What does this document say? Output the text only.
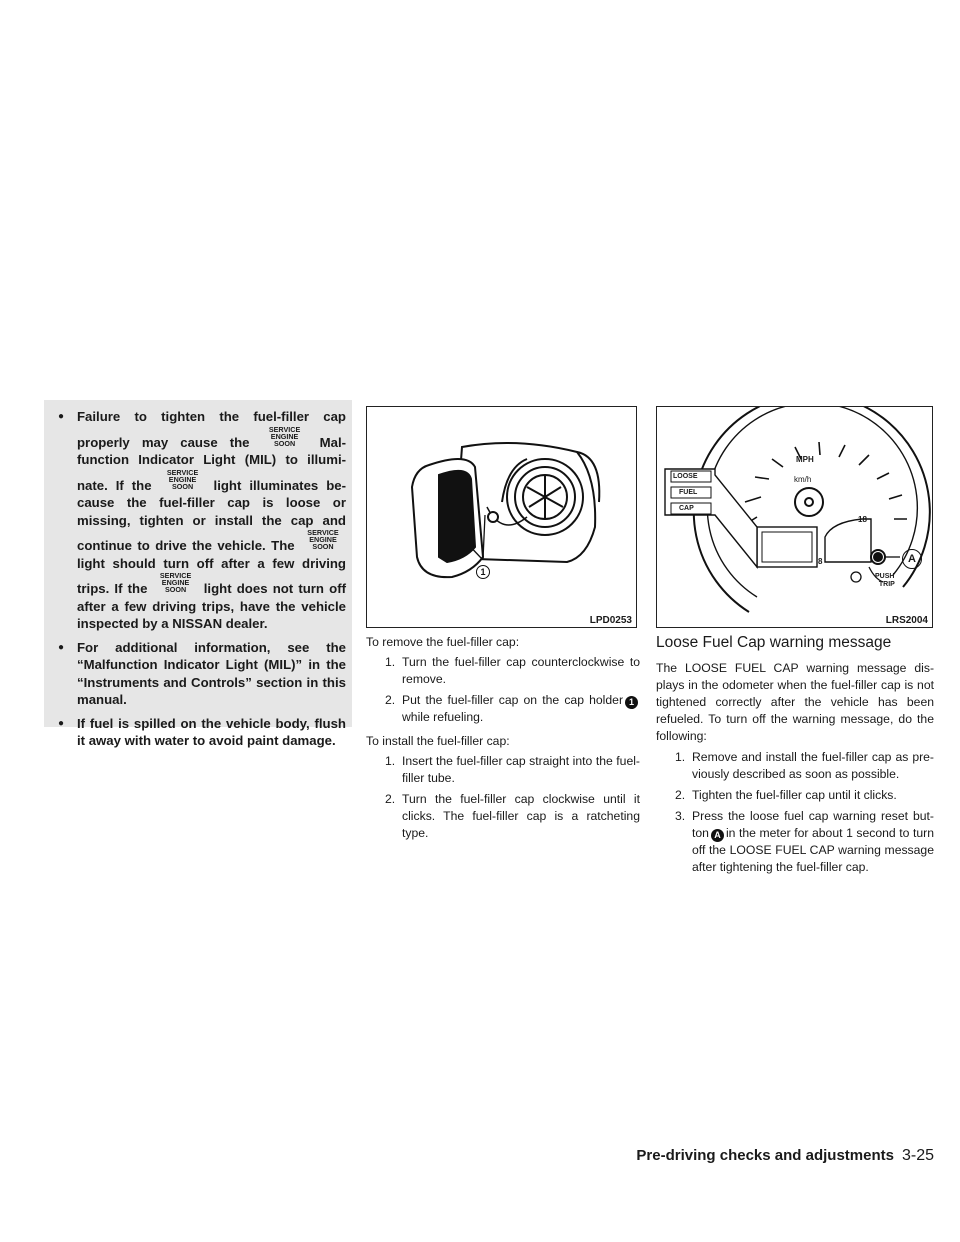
● Failure to tighten the fuel-filler cap properly may cause the
SERVICE
ENGINE
SOON	Mal-function Indicator Light (MIL) to illumi-nate. If the
SERVICE
ENGINE
SOON	light illuminates be-cause the fuel-filler cap is loose or missing, tighten or install the cap and continue to drive the vehicle. The
SERVICE
ENGINE
SOON
light should turn off after a few driving trips. If the
SERVICE
ENGINE
SOON	light does not turn off after a few driving trips, have the vehicle inspected by a NISSAN dealer.
● For additional information, see the “Malfunction Indicator Light (MIL)” in the “Instruments and Controls” section in this manual.
● If fuel is spilled on the vehicle body, flush it away with water to avoid paint damage.
1
LPD0253
LOOSE
FUEL
CAP
MPH
km/h
18
8	A
PUSH
TRIP
LRS2004

To remove the fuel-filler cap:

1. Turn the fuel-filler cap counterclockwise to remove.
2. Put the fuel-filler cap on the cap holder 1while refueling.

To install the fuel-filler cap:

1. Insert the fuel-filler cap straight into the fuel-filler tube.
2. Turn the fuel-filler cap clockwise until it clicks. The fuel-filler cap is a ratcheting type.
Loose Fuel Cap warning message

The LOOSE FUEL CAP warning message dis-plays in the odometer when the fuel-filler cap is not tightened correctly after the vehicle has been refueled. To turn off the warning message, do the following:

1. Remove and install the fuel-filler cap as pre-viously described as soon as possible.
2. Tighten the fuel-filler cap until it clicks.
3. Press the loose fuel cap warning reset but-ton A in the meter for about 1 second to turn off the LOOSE FUEL CAP warning message after tightening the fuel-filler cap.
Pre-driving checks and adjustments 3-25
